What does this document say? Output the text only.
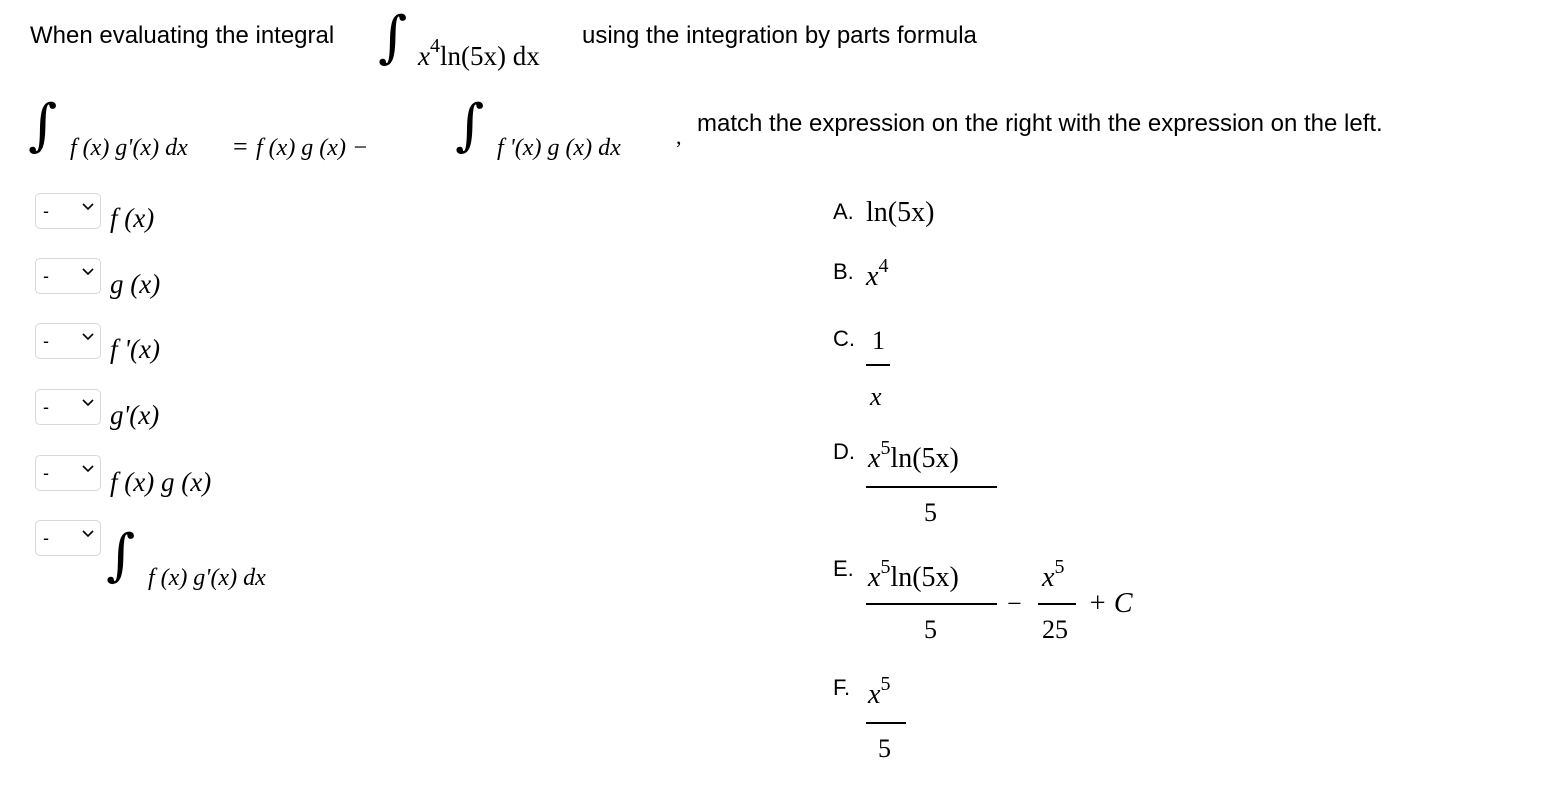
When evaluating the integral ∫ $x^4\ln(5x)$ dx
using the integration by parts formula
∫ f (x) g'(x) dx = f (x) g (x) − ∫ f '(x) g (x) dx	, match the expression on the right with the expression on the left.
- f (x)
- g (x)
- f '(x)
- g'(x)
- f (x) g (x)
- ∫ f (x) g'(x) dx
A. ln(5x)
B. $x^4$
C. 1
x
D. $x^5\ln(5x)$
5
E. $x^5\ln(5x)$
5
−
$x^5$
25
+ C
F. $x^5$
5
